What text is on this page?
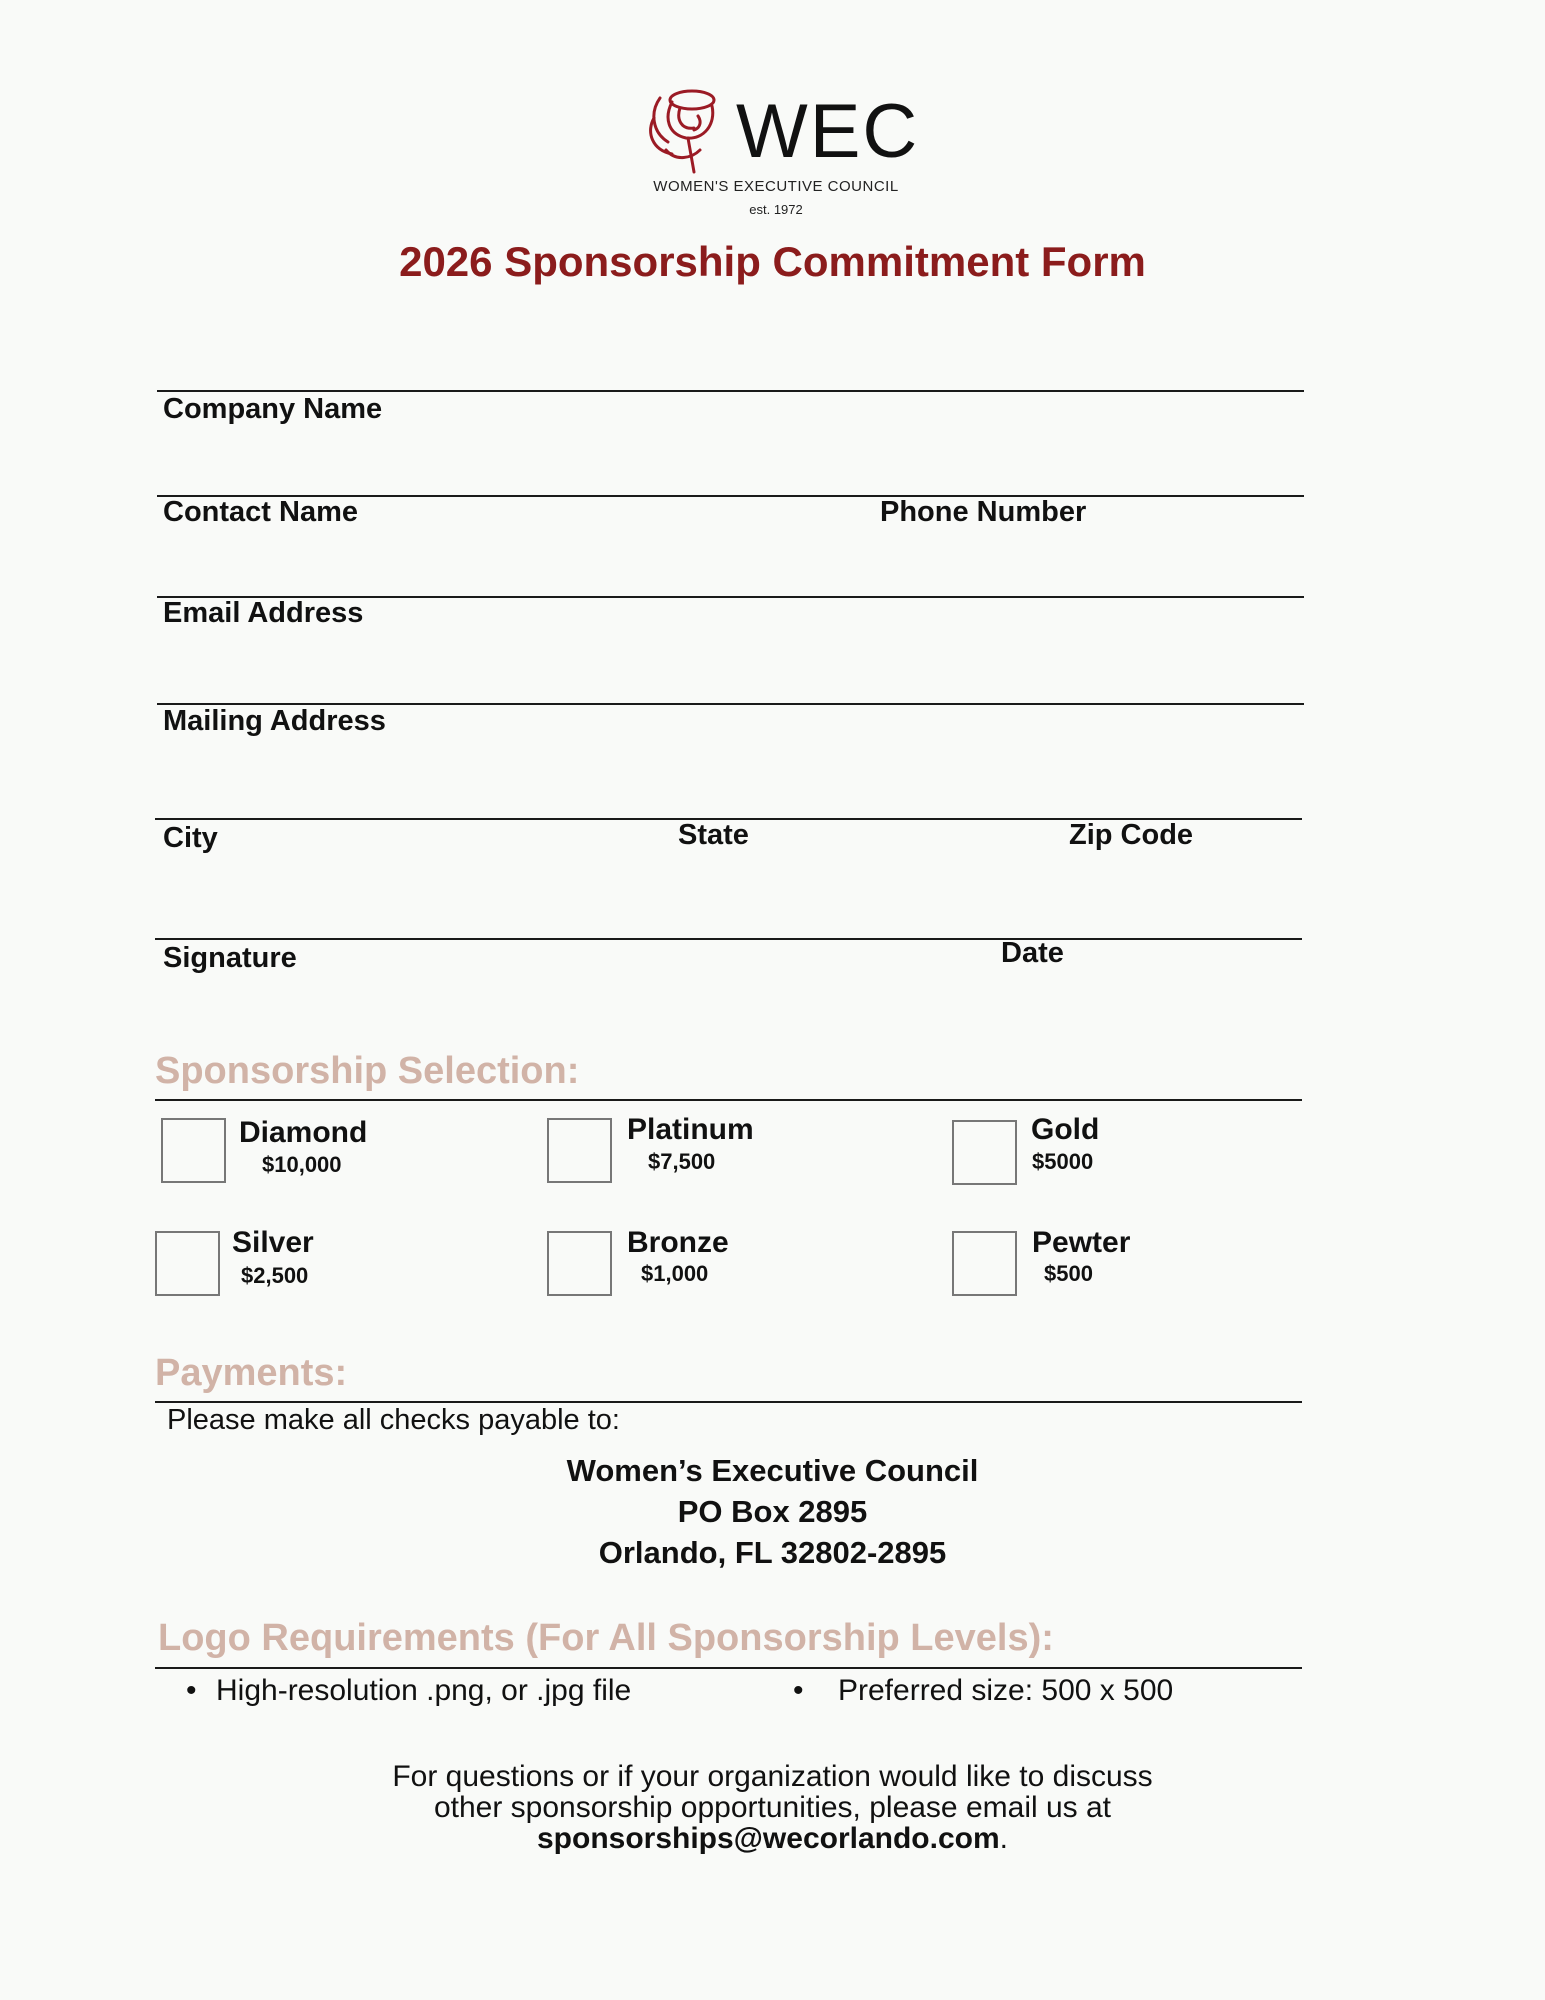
WEC
WOMEN'S EXECUTIVE COUNCIL
est. 1972
2026 Sponsorship Commitment Form
Company Name
Contact Name	Phone Number
Email Address
Mailing Address
City	State	Zip Code
Signature	Date
Sponsorship Selection:
Diamond
$10,000
Platinum
$7,500
Gold
$5000
Silver
$2,500
Bronze
$1,000
Pewter
$500
Payments:
Please make all checks payable to:
Women’s Executive Council
PO Box 2895
Orlando, FL 32802-2895
Logo Requirements (For All Sponsorship Levels):
• High-resolution .png, or .jpg file	• Preferred size: 500 x 500
For questions or if your organization would like to discuss
other sponsorship opportunities, please email us at
sponsorships@wecorlando.com.
